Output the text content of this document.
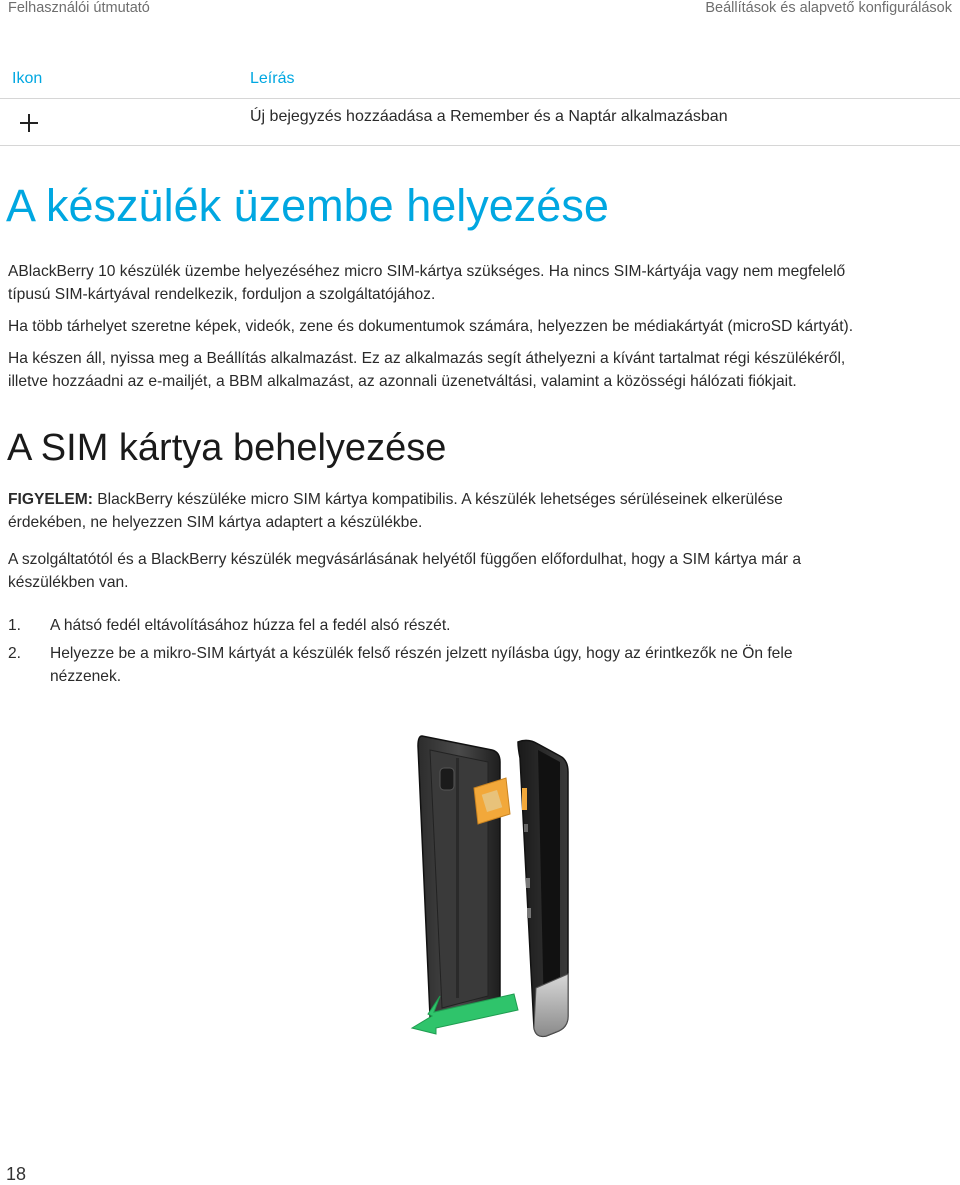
Felhasználói útmutató	Beállítások és alapvető konfigurálások
Ikon	Leírás
Új bejegyzés hozzáadása a Remember és a Naptár alkalmazásban
A készülék üzembe helyezése
ABlackBerry 10 készülék üzembe helyezéséhez micro SIM-kártya szükséges. Ha nincs SIM-kártyája vagy nem megfelelő
típusú SIM-kártyával rendelkezik, forduljon a szolgáltatójához.
Ha több tárhelyet szeretne képek, videók, zene és dokumentumok számára, helyezzen be médiakártyát (microSD kártyát).
Ha készen áll, nyissa meg a Beállítás alkalmazást. Ez az alkalmazás segít áthelyezni a kívánt tartalmat régi készülékéről,
illetve hozzáadni az e-mailjét, a BBM alkalmazást, az azonnali üzenetváltási, valamint a közösségi hálózati fiókjait.
A SIM kártya behelyezése
FIGYELEM: BlackBerry készüléke micro SIM kártya kompatibilis. A készülék lehetséges sérüléseinek elkerülése
érdekében, ne helyezzen SIM kártya adaptert a készülékbe.
A szolgáltatótól és a BlackBerry készülék megvásárlásának helyétől függően előfordulhat, hogy a SIM kártya már a
készülékben van.
1. A hátsó fedél eltávolításához húzza fel a fedél alsó részét.
2. Helyezze be a mikro-SIM kártyát a készülék felső részén jelzett nyílásba úgy, hogy az érintkezők ne Ön fele
nézzenek.
18
